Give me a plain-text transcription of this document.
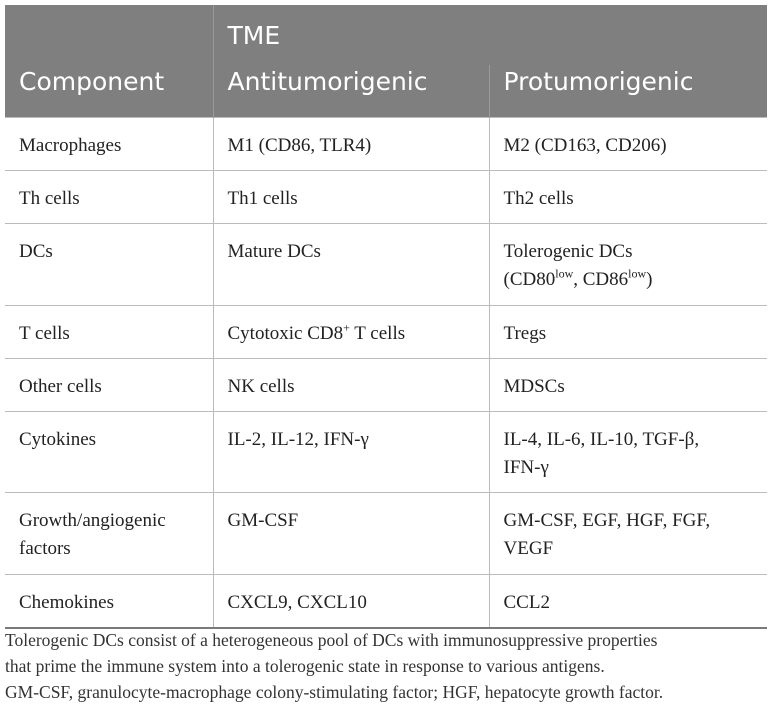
	TME	
Component	Antitumorigenic	Protumorigenic
Macrophages	M1 (CD86, TLR4)	M2 (CD163, CD206)
Th cells	Th1 cells	Th2 cells
DCs	Mature DCs	Tolerogenic DCs
($CD80^{low}$, $CD86^{low}$)
T cells	Cytotoxic CD8+ T cells	Tregs
Other cells	NK cells	MDSCs
Cytokines	IL-2, IL-12, IFN-γ	IL-4, IL-6, IL-10, TGF-β,
IFN-γ
Growth/angiogenic
factors	GM-CSF	GM-CSF, EGF, HGF, FGF,
VEGF
Chemokines	CXCL9, CXCL10	CCL2

Tolerogenic DCs consist of a heterogeneous pool of DCs with immunosuppressive properties

that prime the immune system into a tolerogenic state in response to various antigens.

GM-CSF, granulocyte-macrophage colony-stimulating factor; HGF, hepatocyte growth factor.
